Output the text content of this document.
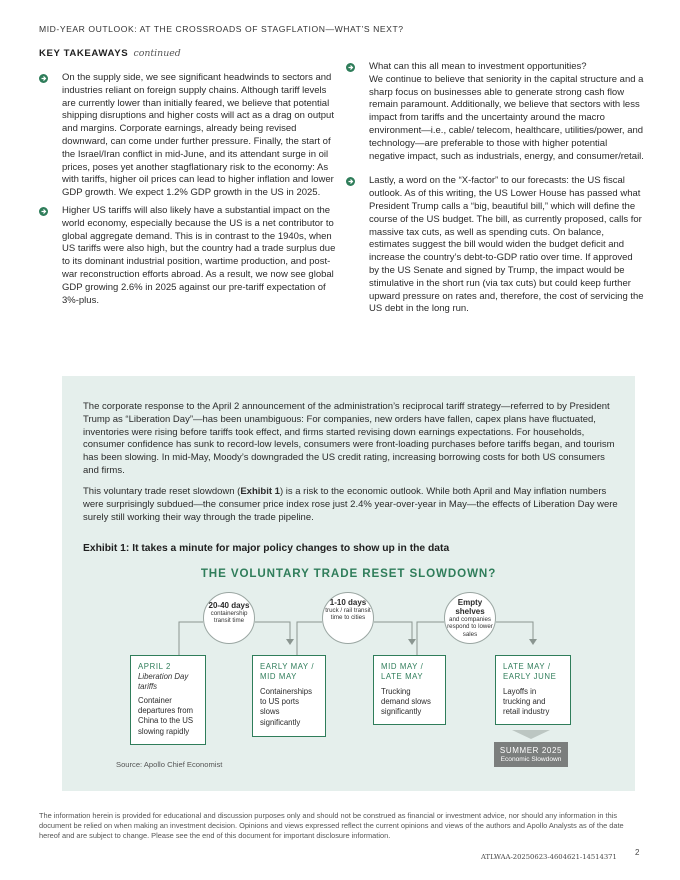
MID-YEAR OUTLOOK: AT THE CROSSROADS OF STAGFLATION—WHAT’S NEXT?
KEY TAKEAWAYS continued

On the supply side, we see significant headwinds to sectors and industries reliant on foreign supply chains. Although tariff levels are currently lower than initially feared, we believe that potential shipping disruptions and higher costs will act as a drag on output and margins. Corporate earnings, already being revised downward, can come under further pressure. Finally, the start of the Israel/Iran conflict in mid-June, and its attendant surge in oil prices, poses yet another stagflationary risk to the economy: As with tariffs, higher oil prices can lead to higher inflation and lower GDP growth. We expect 1.2% GDP growth in the US in 2025.

Higher US tariffs will also likely have a substantial impact on the world economy, especially because the US is a net contributor to global aggregate demand. This is in contrast to the 1940s, when US tariffs were also high, but the country had a trade surplus due to its dominant industrial position, wartime production, and post-war reconstruction efforts abroad. As a result, we now see global GDP growing 2.6% in 2025 against our pre-tariff expectation of 3%-plus.

What can this all mean to investment opportunities?

We continue to believe that seniority in the capital structure and a sharp focus on businesses able to generate strong cash flow remain paramount. Additionally, we believe that sectors with less impact from tariffs and the uncertainty around the macro environment—i.e., cable/ telecom, healthcare, utilities/power, and technology—are preferable to those with higher potential negative impact, such as industrials, energy, and consumer/retail.

Lastly, a word on the “X-factor” to our forecasts: the US fiscal outlook. As of this writing, the US Lower House has passed what President Trump calls a “big, beautiful bill,” which will define the course of the US budget. The bill, as currently proposed, calls for massive tax cuts, as well as spending cuts. On balance, estimates suggest the bill would widen the budget deficit and increase the country’s debt-to-GDP ratio over time. If approved by the US Senate and signed by Trump, the impact would be stimulative in the short run (via tax cuts) but could keep further upward pressure on rates and, therefore, the cost of servicing the US debt in the long run.

The corporate response to the April 2 announcement of the administration’s reciprocal tariff strategy—referred to by President Trump as “Liberation Day”—has been unambiguous: For companies, new orders have fallen, capex plans have fluctuated, inventories were rising before tariffs took effect, and firms started revising down earnings expectations. For households, consumer confidence has sunk to record-low levels, consumers were front-loading purchases before tariffs began, and tourism has been slowing. In mid-May, Moody’s downgraded the US credit rating, increasing borrowing costs for both US consumers and firms.

This voluntary trade reset slowdown (Exhibit 1) is a risk to the economic outlook. While both April and May inflation numbers were surprisingly subdued—the consumer price index rose just 2.4% year-over-year in May—the effects of Liberation Day were surely still working their way through the trade pipeline.

Exhibit 1: It takes a minute for major policy changes to show up in the data
THE VOLUNTARY TRADE RESET SLOWDOWN?
20-40 days
containership transit time
1-10 days
truck / rail transit time to cities
Empty shelves
and companies respond to lower sales
APRIL 2
Liberation Day tariffs
Container departures from China to the US slowing rapidly
EARLY MAY / MID MAY
Containerships to US ports slows significantly
MID MAY / LATE MAY
Trucking demand slows significantly
LATE MAY / EARLY JUNE
Layoffs in trucking and retail industry
SUMMER 2025
Economic Slowdown
Source: Apollo Chief Economist
The information herein is provided for educational and discussion purposes only and should not be construed as financial or investment advice, nor should any information in this document be relied on when making an investment decision. Opinions and views expressed reflect the current opinions and views of the authors and Apollo Analysts as of the date hereof and are subject to change. Please see the end of this document for important disclosure information.
2
ATLWAA-20250623-4604621-14514371
